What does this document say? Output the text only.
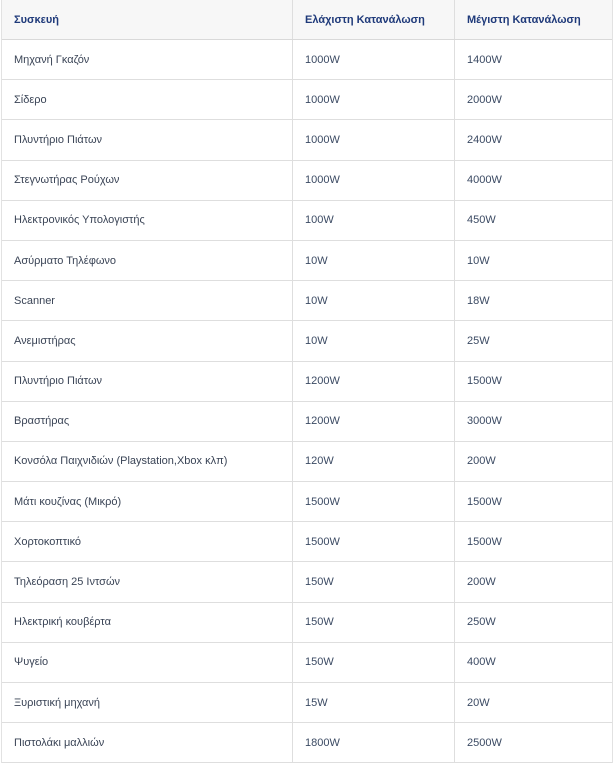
Συσκευή	Ελάχιστη Κατανάλωση	Μέγιστη Κατανάλωση
Μηχανή Γκαζόν	1000W	1400W
Σίδερο	1000W	2000W
Πλυντήριο Πιάτων	1000W	2400W
Στεγνωτήρας Ρούχων	1000W	4000W
Ηλεκτρονικός Υπολογιστής	100W	450W
Ασύρματο Τηλέφωνο	10W	10W
Scanner	10W	18W
Ανεμιστήρας	10W	25W
Πλυντήριο Πιάτων	1200W	1500W
Βραστήρας	1200W	3000W
Κονσόλα Παιχνιδιών (Playstation,Xbox κλπ)	120W	200W
Μάτι κουζίνας (Μικρό)	1500W	1500W
Χορτοκοπτικό	1500W	1500W
Τηλεόραση 25 Ιντσών	150W	200W
Ηλεκτρική κουβέρτα	150W	250W
Ψυγείο	150W	400W
Ξυριστική μηχανή	15W	20W
Πιστολάκι μαλλιών	1800W	2500W
